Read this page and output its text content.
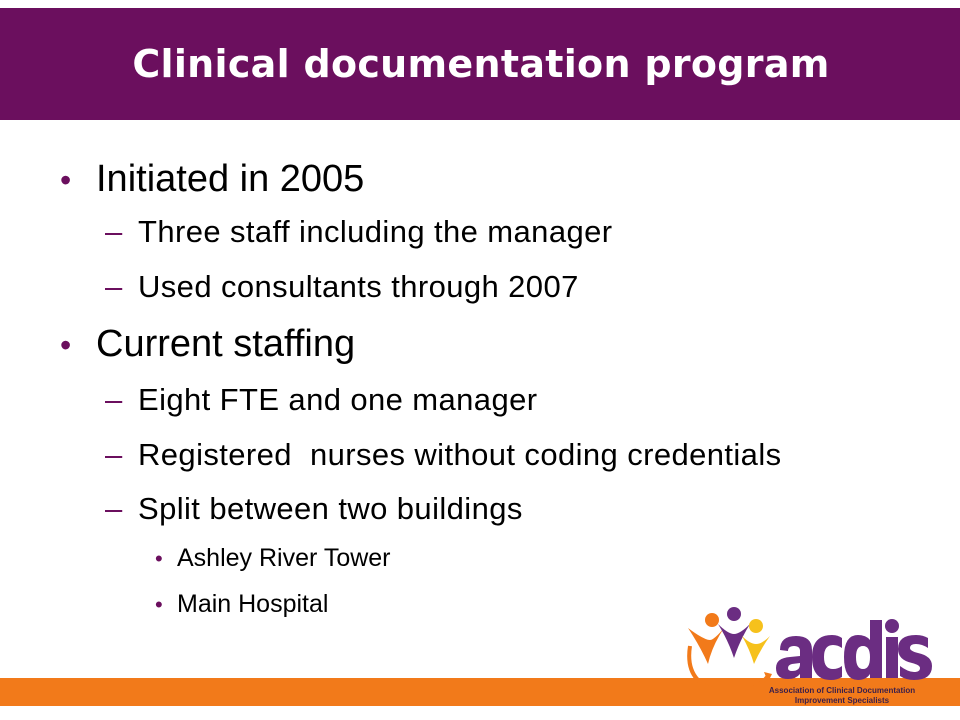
Clinical documentation program
• Initiated in 2005
– Three staff including the manager
– Used consultants through 2007
• Current staffing
– Eight FTE and one manager
– Registered  nurses without coding credentials
– Split between two buildings
• Ashley River Tower
• Main Hospital
Association of Clinical Documentation
Improvement Specialists
